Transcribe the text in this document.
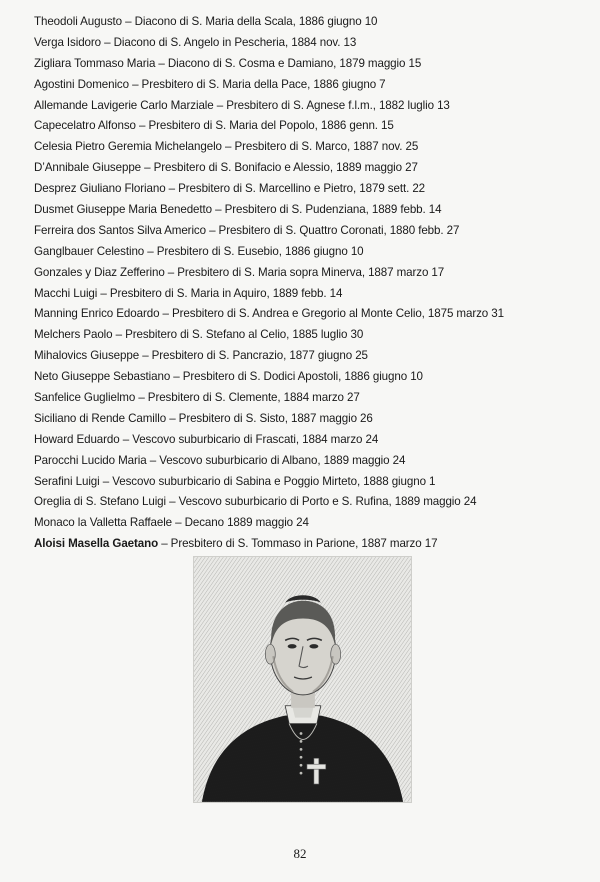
Theodoli Augusto – Diacono di S. Maria della Scala, 1886 giugno 10
Verga Isidoro – Diacono di S. Angelo in Pescheria, 1884 nov. 13
Zigliara Tommaso Maria – Diacono di S. Cosma e Damiano, 1879 maggio 15
Agostini Domenico – Presbitero di S. Maria della Pace, 1886 giugno 7
Allemande Lavigerie Carlo Marziale – Presbitero di S. Agnese f.l.m., 1882 luglio 13
Capecelatro Alfonso – Presbitero di S. Maria del Popolo, 1886 genn. 15
Celesia Pietro Geremia Michelangelo – Presbitero di S. Marco, 1887 nov. 25
D’Annibale Giuseppe – Presbitero di S. Bonifacio e Alessio, 1889 maggio 27
Desprez Giuliano Floriano – Presbitero di S. Marcellino e Pietro, 1879 sett. 22
Dusmet Giuseppe Maria Benedetto – Presbitero di S. Pudenziana, 1889 febb. 14
Ferreira dos Santos Silva Americo – Presbitero di S. Quattro Coronati, 1880 febb. 27
Ganglbauer Celestino – Presbitero di S. Eusebio, 1886 giugno 10
Gonzales y Diaz Zefferino – Presbitero di S. Maria sopra Minerva, 1887 marzo 17
Macchi Luigi – Presbitero di S. Maria in Aquiro, 1889 febb. 14
Manning Enrico Edoardo – Presbitero di S. Andrea e Gregorio al Monte Celio, 1875 marzo 31
Melchers Paolo – Presbitero di S. Stefano al Celio, 1885 luglio 30
Mihalovics Giuseppe – Presbitero di S. Pancrazio, 1877 giugno 25
Neto Giuseppe Sebastiano – Presbitero di S. Dodici Apostoli, 1886 giugno 10
Sanfelice Guglielmo – Presbitero di S. Clemente, 1884 marzo 27
Siciliano di Rende Camillo – Presbitero di S. Sisto, 1887 maggio 26
Howard Eduardo – Vescovo suburbicario di Frascati, 1884 marzo 24
Parocchi Lucido Maria – Vescovo suburbicario di Albano, 1889 maggio 24
Serafini Luigi – Vescovo suburbicario di Sabina e Poggio Mirteto, 1888 giugno 1
Oreglia di S. Stefano Luigi – Vescovo suburbicario di Porto e S. Rufina, 1889 maggio 24
Monaco la Valletta Raffaele – Decano 1889 maggio 24
Aloisi Masella Gaetano – Presbitero di S. Tommaso in Parione, 1887 marzo 17
82
